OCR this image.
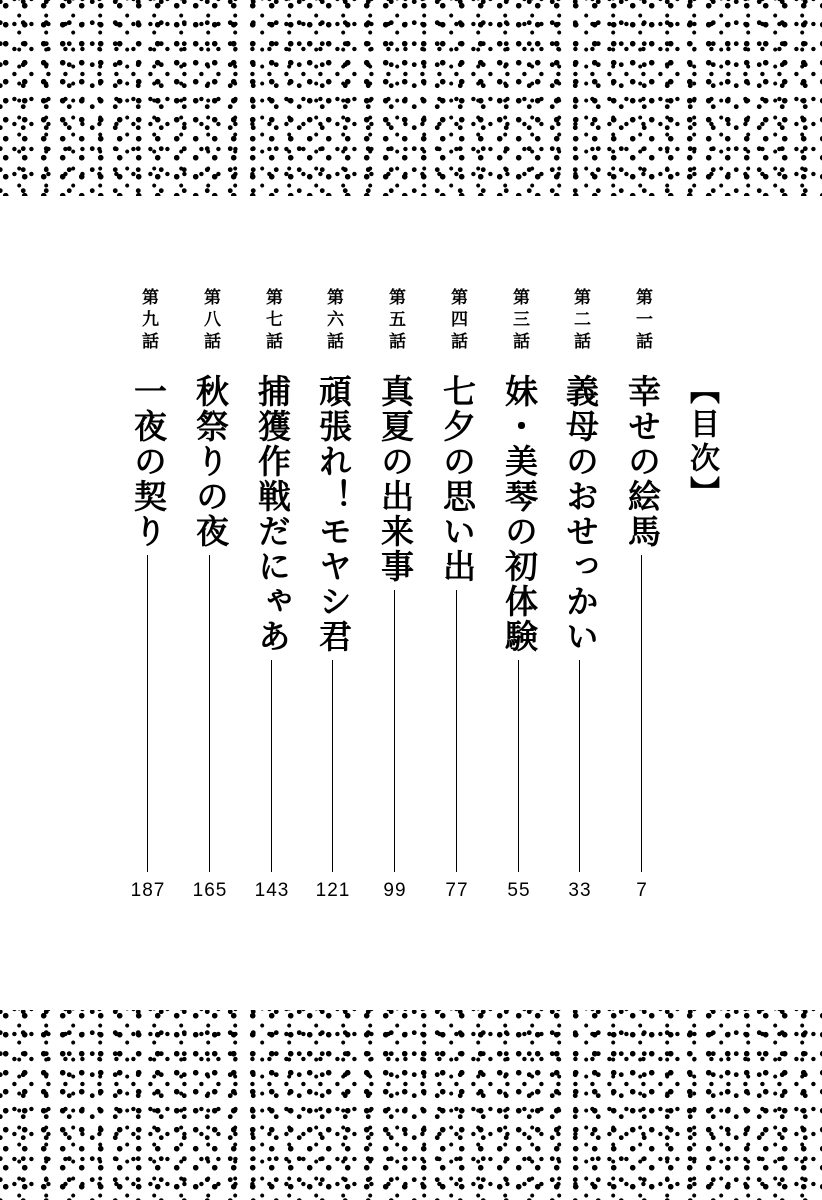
【目次】
第一話
幸せの絵馬
7
第二話
義母のおせっかい
33
第三話
妹・美琴の初体験
55
第四話
七夕の思い出
77
第五話
真夏の出来事
99
第六話
頑張れ！モヤシ君
121
第七話
捕獲作戦だにゃあ
143
第八話
秋祭りの夜
165
第九話
一夜の契り
187
